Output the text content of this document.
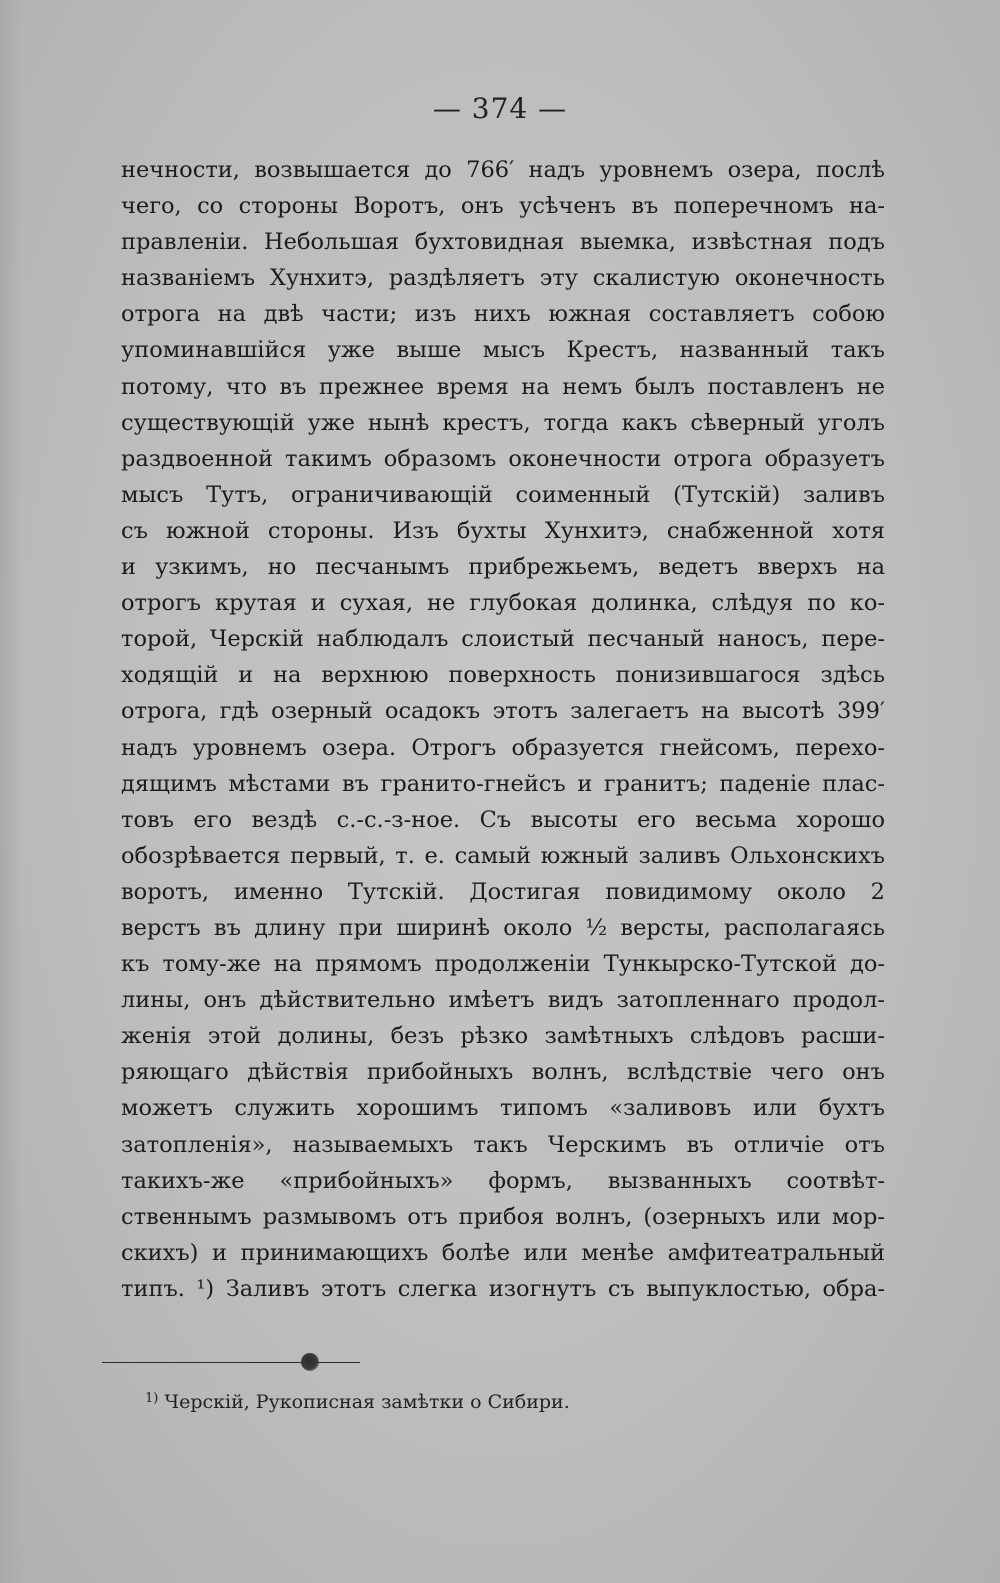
— 374 —
нечности, возвышается до 766′ надъ уровнемъ озера, послѣ
чего, со стороны Воротъ, онъ усѣченъ въ поперечномъ на-
правленіи. Небольшая бухтовидная выемка, извѣстная подъ
названіемъ Хунхитэ, раздѣляетъ эту скалистую оконечность
отрога на двѣ части; изъ нихъ южная составляетъ собою
упоминавшійся уже выше мысъ Крестъ, названный такъ
потому, что въ прежнее время на немъ былъ поставленъ не
существующій уже нынѣ крестъ, тогда какъ сѣверный уголъ
раздвоенной такимъ образомъ оконечности отрога образуетъ
мысъ Тутъ, ограничивающій соименный (Тутскій) заливъ
съ южной стороны. Изъ бухты Хунхитэ, снабженной хотя
и узкимъ, но песчанымъ прибрежьемъ, ведетъ вверхъ на
отрогъ крутая и сухая, не глубокая долинка, слѣдуя по ко-
торой, Черскій наблюдалъ слоистый песчаный наносъ, пере-
ходящій и на верхнюю поверхность понизившагося здѣсь
отрога, гдѣ озерный осадокъ этотъ залегаетъ на высотѣ 399′
надъ уровнемъ озера. Отрогъ образуется гнейсомъ, перехо-
дящимъ мѣстами въ гранито-гнейсъ и гранитъ; паденіе плас-
товъ его вездѣ с.-с.-з-ное. Съ высоты его весьма хорошо
обозрѣвается первый, т. е. самый южный заливъ Ольхонскихъ
воротъ, именно Тутскій. Достигая повидимому около 2
верстъ въ длину при ширинѣ около ½ версты, располагаясь
къ тому-же на прямомъ продолженіи Тункырско-Тутской до-
лины, онъ дѣйствительно имѣетъ видъ затопленнаго продол-
женія этой долины, безъ рѣзко замѣтныхъ слѣдовъ расши-
ряющаго дѣйствія прибойныхъ волнъ, вслѣдствіе чего онъ
можетъ служить хорошимъ типомъ «заливовъ или бухтъ
затопленія», называемыхъ такъ Черскимъ въ отличіе отъ
такихъ-же «прибойныхъ» формъ, вызванныхъ соотвѣт-
ственнымъ размывомъ отъ прибоя волнъ, (озерныхъ или мор-
скихъ) и принимающихъ болѣе или менѣе амфитеатральный
типъ. ¹) Заливъ этотъ слегка изогнутъ съ выпуклостью, обра-
$^{1)}$ Черскій, Рукописная замѣтки о Сибири.
